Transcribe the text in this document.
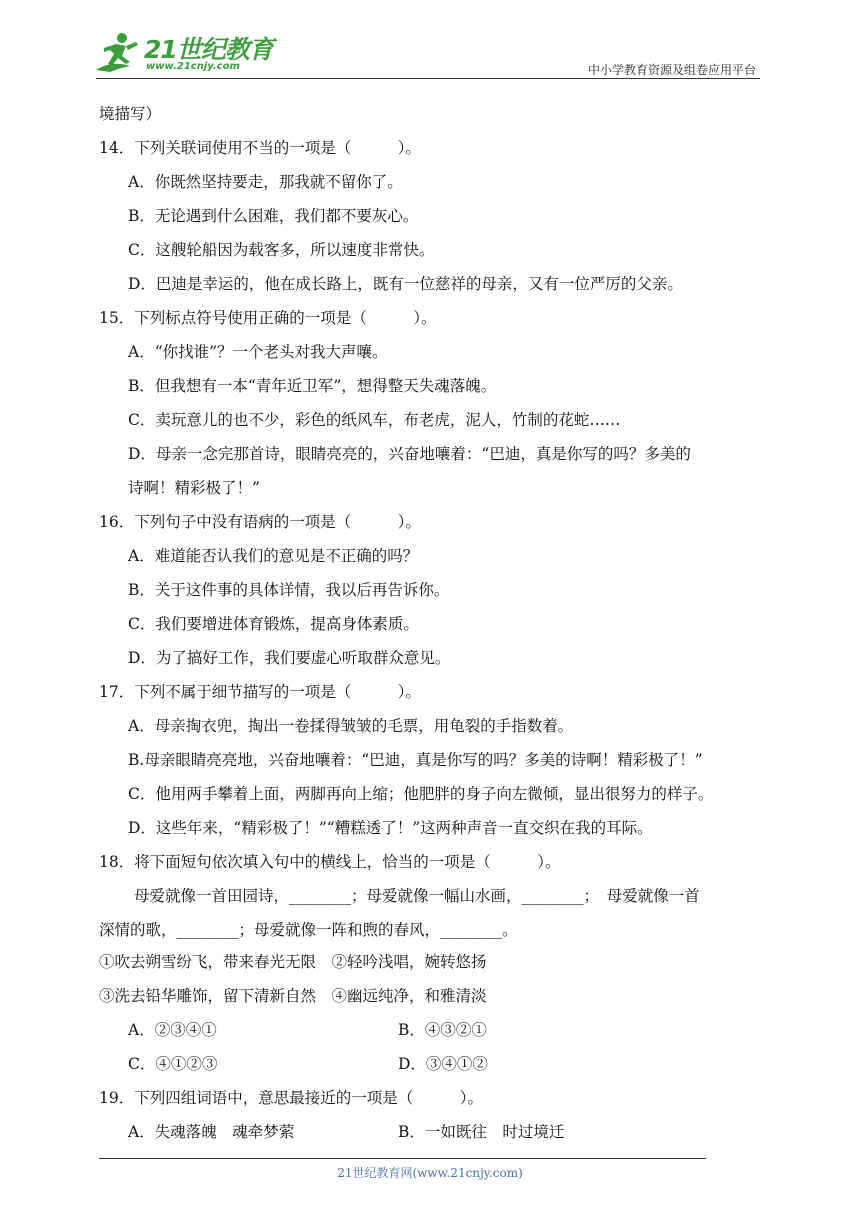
21世纪教育
www.21cnjy.com	中小学教育资源及组卷应用平台
境描写）
14．下列关联词使用不当的一项是（　　　）。
A．你既然坚持要走，那我就不留你了。
B．无论遇到什么困难，我们都不要灰心。
C．这艘轮船因为载客多，所以速度非常快。
D．巴迪是幸运的，他在成长路上，既有一位慈祥的母亲，又有一位严厉的父亲。
15．下列标点符号使用正确的一项是（　　　）。
A．“你找谁”？一个老头对我大声嚷。
B．但我想有一本“青年近卫军”，想得整天失魂落魄。
C．卖玩意儿的也不少，彩色的纸风车，布老虎，泥人，竹制的花蛇……
D．母亲一念完那首诗，眼睛亮亮的，兴奋地嚷着：“巴迪，真是你写的吗？多美的
诗啊！精彩极了！”
16．下列句子中没有语病的一项是（　　　）。
A．难道能否认我们的意见是不正确的吗？
B．关于这件事的具体详情，我以后再告诉你。
C．我们要增进体育锻炼，提高身体素质。
D．为了搞好工作，我们要虚心听取群众意见。
17．下列不属于细节描写的一项是（　　　）。
A．母亲掏衣兜，掏出一卷揉得皱皱的毛票，用龟裂的手指数着。
B.母亲眼睛亮亮地，兴奋地嚷着：“巴迪，真是你写的吗？多美的诗啊！精彩极了！”
C．他用两手攀着上面，两脚再向上缩；他肥胖的身子向左微倾，显出很努力的样子。
D．这些年来，“精彩极了！”“糟糕透了！”这两种声音一直交织在我的耳际。
18．将下面短句依次填入句中的横线上，恰当的一项是（　　　）。
母爱就像一首田园诗，________；母爱就像一幅山水画，________；　母爱就像一首
深情的歌，________；母爱就像一阵和煦的春风，________。
①吹去朔雪纷飞，带来春光无限　②轻吟浅唱，婉转悠扬
③洗去铅华雕饰，留下清新自然　④幽远纯净，和雅清淡
A．②③④①	B．④③②①
C．④①②③	D．③④①②
19．下列四组词语中，意思最接近的一项是（　　　）。
A．失魂落魄　魂牵梦萦	B．一如既往　时过境迁
21世纪教育网(www.21cnjy.com)
